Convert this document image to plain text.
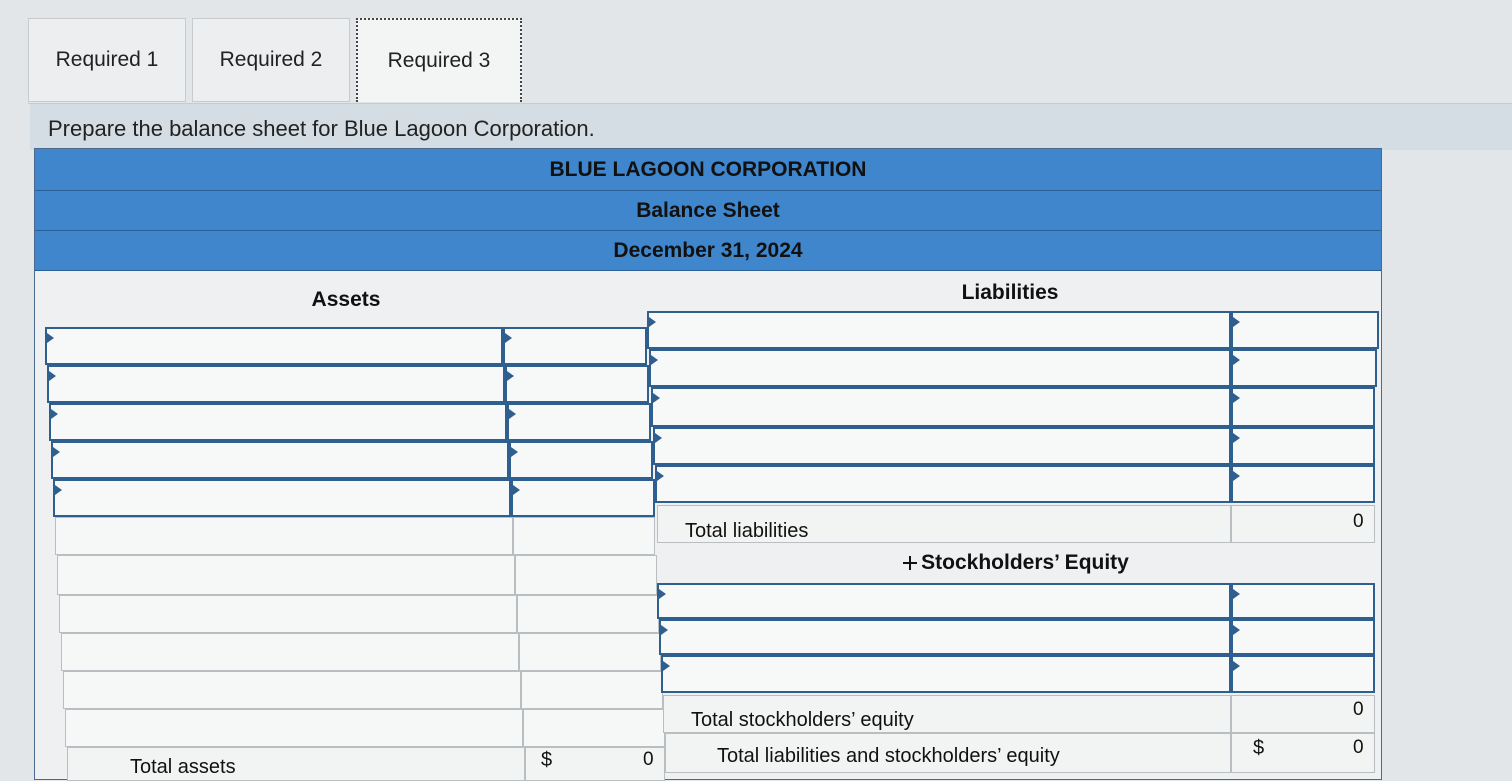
Required 1	Required 2	Required 3
Prepare the balance sheet for Blue Lagoon Corporation.
BLUE LAGOON CORPORATION
Balance Sheet
December 31, 2024
Assets	Liabilities
Total assets	$	0
Total liabilities	0
Stockholders’ Equity
Total stockholders’ equity	0
Total liabilities and stockholders’ equity	$	0
